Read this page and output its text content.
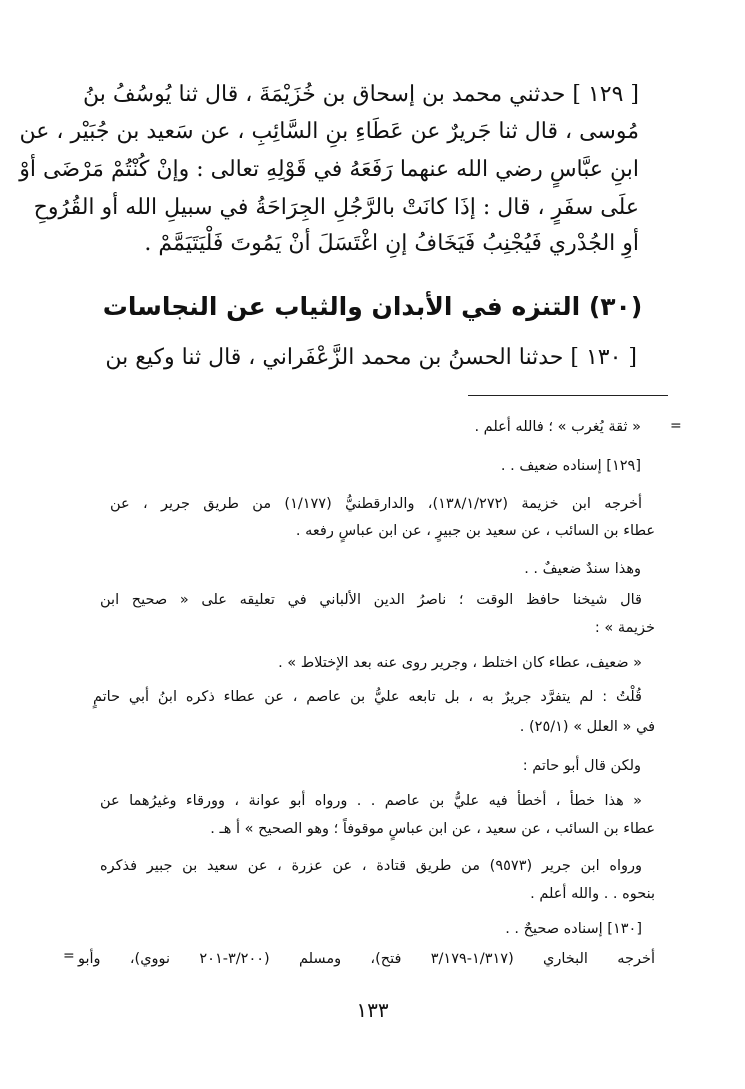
[ ١٢٩ ] حدثني محمد بن إسحاق بن خُزَيْمَةَ ، قال ثنا يُوسُفُ بنُ
مُوسى ، قال ثنا جَريرٌ عن عَطَاءِ بنِ السَّائِبِ ، عن سَعيد بن جُبَيْر ، عن
ابنِ عبَّاسٍ رضي الله عنهما رَفَعَهُ في قَوْلِهِ تعالى : وإنْ كُنْتُمْ مَرْضَى أوْ
علَى سفَرٍ ، قال : إذَا كانَتْ بالرَّجُلِ الجِرَاحَةُ في سبيلِ الله أو القُرُوحِ
أوِ الجُدْري فَيُجْنِبُ فَيَخَافُ إنِ اغْتَسَلَ أنْ يَمُوتَ فَلْيَتَيَمَّمْ .
(٣٠) التنزه في الأبدان والثياب عن النجاسات
[ ١٣٠ ] حدثنا الحسنُ بن محمد الزَّعْفَراني ، قال ثنا وكيع بن
=
« ثقة يُغرب » ؛ فالله أعلم .
[١٢٩] إسناده ضعيف . .
أخرجه ابن خزيمة (١٣٨/١/٢٧٢)، والدارقطنيُّ (١/١٧٧) من طريق جرير ، عن
عطاء بن السائب ، عن سعيد بن جبيرٍ ، عن ابن عباسٍ رفعه .
وهذا سندٌ ضعيفٌ . .
قال شيخنا حافظ الوقت ؛ ناصرُ الدين الألباني في تعليقه على « صحيح ابن
خزيمة » :
« ضعيف، عطاء كان اختلط ، وجرير روى عنه بعد الإختلاط » .
قُلْتُ : لم يتفرَّد جريرٌ به ، بل تابعه عليُّ بن عاصم ، عن عطاء ذكره ابنُ أبي حاتمٍ
في « العلل » (٢٥/١) .
ولكن قال أبو حاتم :
« هذا خطأ ، أخطأ فيه عليُّ بن عاصم . . ورواه أبو عوانة ، وورقاء وغيرُهما عن
عطاء بن السائب ، عن سعيد ، عن ابن عباسٍ موقوفاً ؛ وهو الصحيح » أ هـ .
ورواه ابن جرير (٩٥٧٣) من طريق قتادة ، عن عزرة ، عن سعيد بن جبير فذكره
بنحوه . . والله أعلم .
[١٣٠] إسناده صحيحٌ . .
أخرجه البخاري (١/٣١٧-٣/١٧٩ فتح)، ومسلم (٣/٢٠٠-٢٠١ نووي)، وأبو
=
١٣٣
